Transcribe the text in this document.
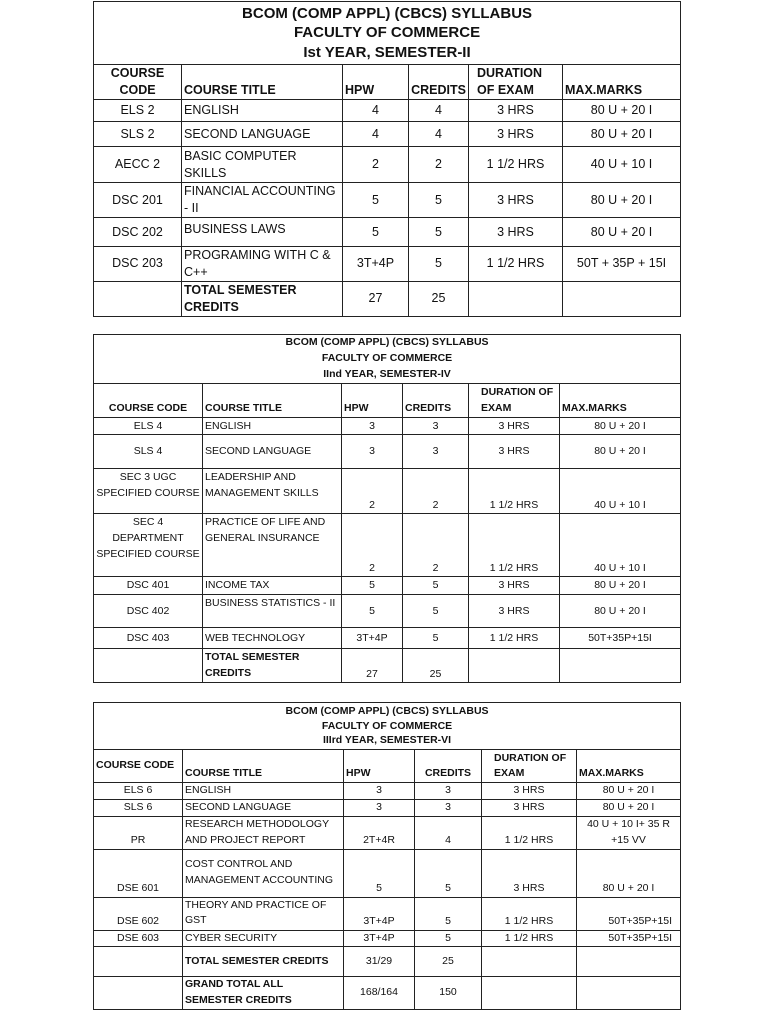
BCOM (COMP APPL) (CBCS) SYLLABUS
FACULTY OF COMMERCE
Ist YEAR, SEMESTER-II					

COURSE CODE	COURSE TITLE	HPW	CREDITS	DURATION OF EXAM	MAX.MARKS
ELS 2	ENGLISH	4	4	3 HRS	80 U + 20 I
SLS 2	SECOND LANGUAGE	4	4	3 HRS	80 U + 20 I
AECC 2	BASIC COMPUTER SKILLS	2	2	1 1/2 HRS	40 U + 10 I
DSC 201	FINANCIAL ACCOUNTING - II	5	5	3 HRS	80 U + 20 I
DSC 202	BUSINESS LAWS	5	5	3 HRS	80 U + 20 I
DSC 203	PROGRAMING WITH C & C++	3T+4P	5	1 1/2 HRS	50T + 35P + 15I
	TOTAL SEMESTER CREDITS	27	25		
BCOM (COMP APPL) (CBCS) SYLLABUS
FACULTY OF COMMERCE
IInd YEAR, SEMESTER-IV					

COURSE CODE	COURSE TITLE	HPW	CREDITS	DURATION OF EXAM	MAX.MARKS
ELS 4	ENGLISH	3	3	3 HRS	80 U + 20 I
SLS 4	SECOND LANGUAGE	3	3	3 HRS	80 U + 20 I
SEC 3 UGC SPECIFIED COURSE	LEADERSHIP AND MANAGEMENT SKILLS	2	2	1 1/2 HRS	40 U + 10 I
SEC 4 DEPARTMENT SPECIFIED COURSE	PRACTICE OF LIFE AND GENERAL INSURANCE	2	2	1 1/2 HRS	40 U + 10 I
DSC 401	INCOME TAX	5	5	3 HRS	80 U + 20 I
DSC 402	BUSINESS STATISTICS - II	5	5	3 HRS	80 U + 20 I
DSC 403	WEB TECHNOLOGY	3T+4P	5	1 1/2 HRS	50T+35P+15I
	TOTAL SEMESTER CREDITS	27	25		
BCOM (COMP APPL) (CBCS) SYLLABUS
FACULTY OF COMMERCE
IIIrd YEAR, SEMESTER-VI					

COURSE CODE	COURSE TITLE	HPW	CREDITS	DURATION OF EXAM	MAX.MARKS
ELS 6	ENGLISH	3	3	3 HRS	80 U + 20 I
SLS 6	SECOND LANGUAGE	3	3	3 HRS	80 U + 20 I
PR	RESEARCH METHODOLOGY AND PROJECT REPORT	2T+4R	4	1 1/2 HRS	40 U + 10 I+ 35 R +15 VV
DSE 601	COST CONTROL AND MANAGEMENT ACCOUNTING	5	5	3 HRS	80 U + 20 I
DSE 602	THEORY AND PRACTICE OF GST	3T+4P	5	1 1/2 HRS	50T+35P+15I
DSE 603	CYBER SECURITY	3T+4P	5	1 1/2 HRS	50T+35P+15I
	TOTAL SEMESTER CREDITS	31/29	25		
	GRAND TOTAL ALL SEMESTER CREDITS	168/164	150		
